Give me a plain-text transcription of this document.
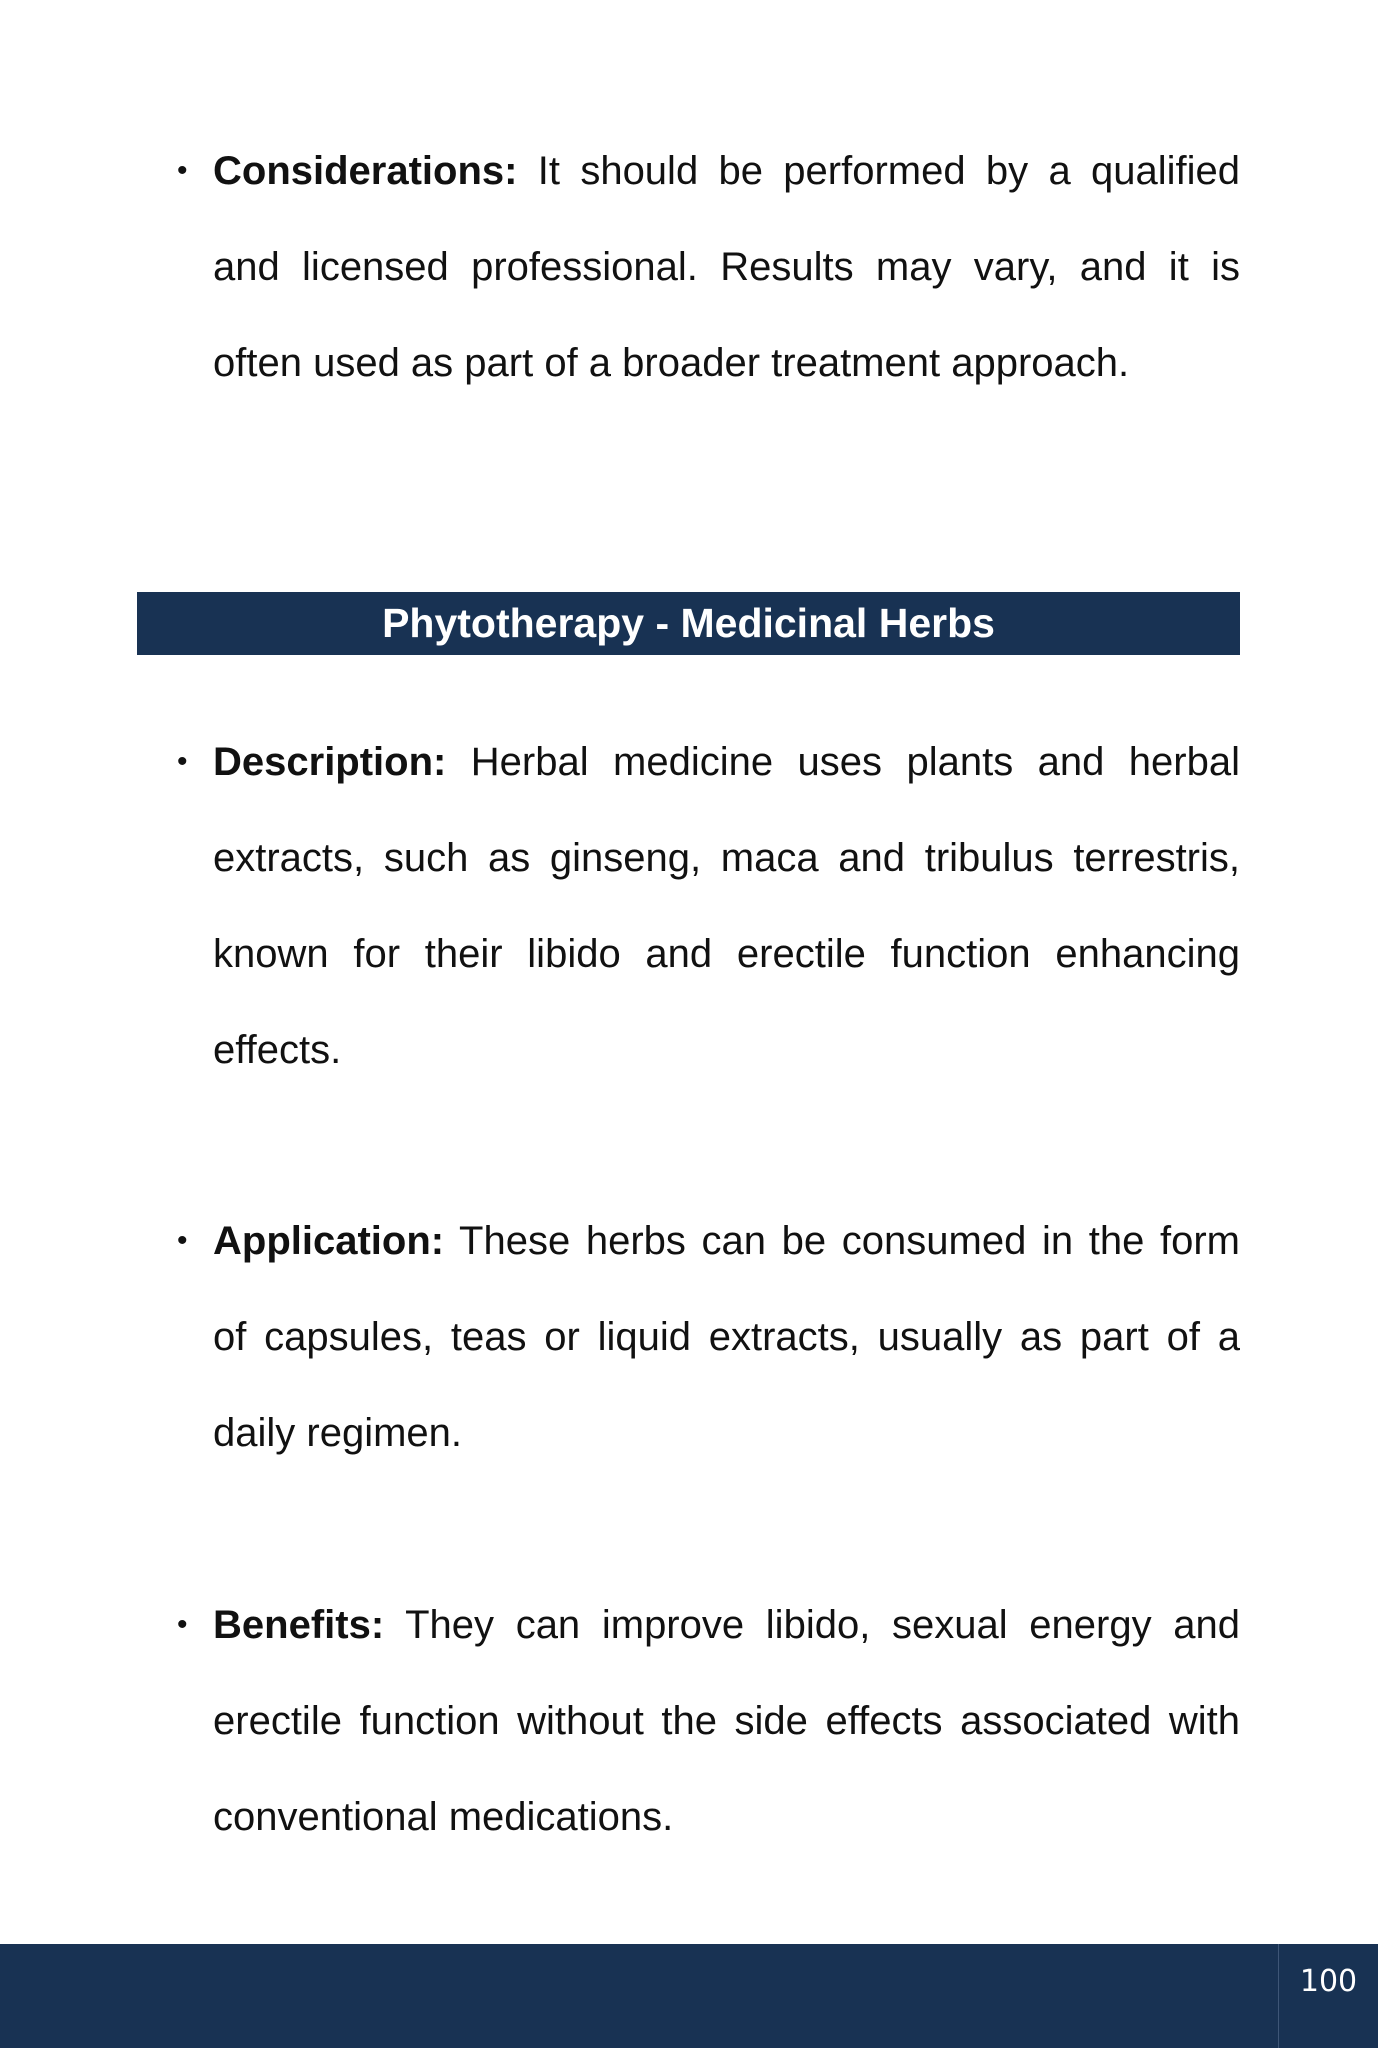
• Considerations: It should be performed by a qualified and licensed professional. Results may vary, and it is often used as part of a broader treatment approach.
Phytotherapy - Medicinal Herbs
• Description: Herbal medicine uses plants and herbal extracts, such as ginseng, maca and tribulus terrestris, known for their libido and erectile function enhancing effects.
• Application: These herbs can be consumed in the form of capsules, teas or liquid extracts, usually as part of a daily regimen.
• Benefits: They can improve libido, sexual energy and erectile function without the side effects associated with conventional medications.
100
